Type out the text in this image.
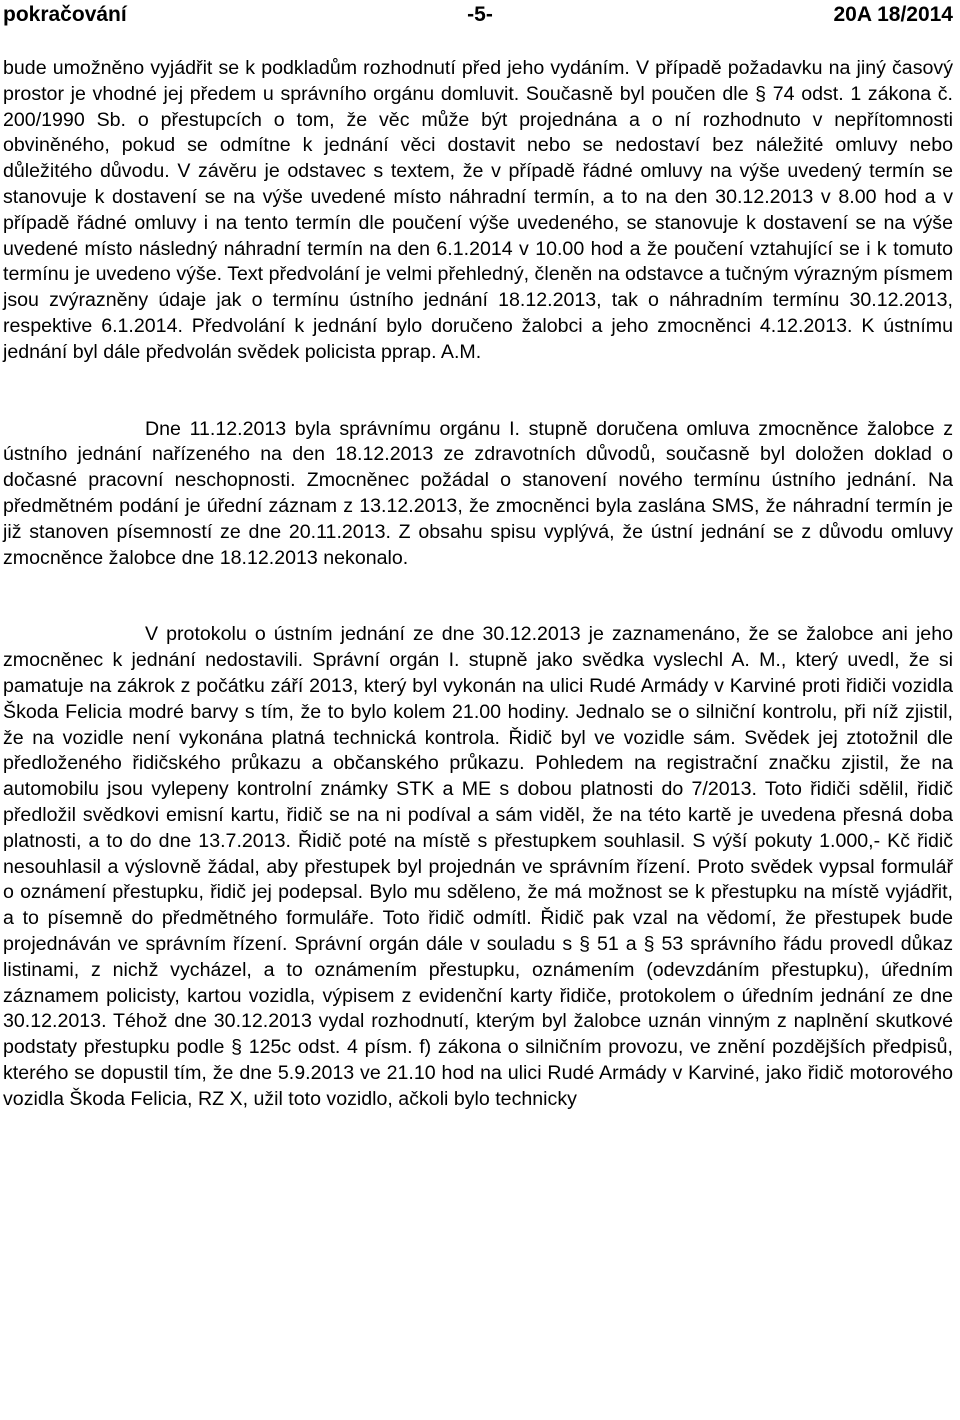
pokračování	-5-	20A 18/2014

bude umožněno vyjádřit se k podkladům rozhodnutí před jeho vydáním. V případě požadavku na jiný časový prostor je vhodné jej předem u správního orgánu domluvit. Současně byl poučen dle § 74 odst. 1 zákona č. 200/1990 Sb. o přestupcích o tom, že věc může být projednána a o ní rozhodnuto v nepřítomnosti obviněného, pokud se odmítne k jednání věci dostavit nebo se nedostaví bez náležité omluvy nebo důležitého důvodu. V závěru je odstavec s textem, že v případě řádné omluvy na výše uvedený termín se stanovuje k dostavení se na výše uvedené místo náhradní termín, a to na den 30.12.2013 v 8.00 hod a v případě řádné omluvy i na tento termín dle poučení výše uvedeného, se stanovuje k dostavení se na výše uvedené místo následný náhradní termín na den 6.1.2014 v 10.00 hod a že poučení vztahující se i k tomuto termínu je uvedeno výše. Text předvolání je velmi přehledný, členěn na odstavce a tučným výrazným písmem jsou zvýrazněny údaje jak o termínu ústního jednání 18.12.2013, tak o náhradním termínu 30.12.2013, respektive 6.1.2014. Předvolání k jednání bylo doručeno žalobci a jeho zmocněnci 4.12.2013. K ústnímu jednání byl dále předvolán svědek policista pprap. A.M.

Dne 11.12.2013 byla správnímu orgánu I. stupně doručena omluva zmocněnce žalobce z ústního jednání nařízeného na den 18.12.2013 ze zdravotních důvodů, současně byl doložen doklad o dočasné pracovní neschopnosti. Zmocněnec požádal o stanovení nového termínu ústního jednání. Na předmětném podání je úřední záznam z 13.12.2013, že zmocněnci byla zaslána SMS, že náhradní termín je již stanoven písemností ze dne 20.11.2013. Z obsahu spisu vyplývá, že ústní jednání se z důvodu omluvy zmocněnce žalobce dne 18.12.2013 nekonalo.

V protokolu o ústním jednání ze dne 30.12.2013 je zaznamenáno, že se žalobce ani jeho zmocněnec k jednání nedostavili. Správní orgán I. stupně jako svědka vyslechl A. M., který uvedl, že si pamatuje na zákrok z počátku září 2013, který byl vykonán na ulici Rudé Armády v Karviné proti řidiči vozidla Škoda Felicia modré barvy s tím, že to bylo kolem 21.00 hodiny. Jednalo se o silniční kontrolu, při níž zjistil, že na vozidle není vykonána platná technická kontrola. Řidič byl ve vozidle sám. Svědek jej ztotožnil dle předloženého řidičského průkazu a občanského průkazu. Pohledem na registrační značku zjistil, že na automobilu jsou vylepeny kontrolní známky STK a ME s dobou platnosti do 7/2013. Toto řidiči sdělil, řidič předložil svědkovi emisní kartu, řidič se na ni podíval a sám viděl, že na této kartě je uvedena přesná doba platnosti, a to do dne 13.7.2013. Řidič poté na místě s přestupkem souhlasil. S výší pokuty 1.000,- Kč řidič nesouhlasil a výslovně žádal, aby přestupek byl projednán ve správním řízení. Proto svědek vypsal formulář o oznámení přestupku, řidič jej podepsal. Bylo mu sděleno, že má možnost se k přestupku na místě vyjádřit, a to písemně do předmětného formuláře. Toto řidič odmítl. Řidič pak vzal na vědomí, že přestupek bude projednáván ve správním řízení. Správní orgán dále v souladu s § 51 a § 53 správního řádu provedl důkaz listinami, z nichž vycházel, a to oznámením přestupku, oznámením (odevzdáním přestupku), úředním záznamem policisty, kartou vozidla, výpisem z evidenční karty řidiče, protokolem o úředním jednání ze dne 30.12.2013. Téhož dne 30.12.2013 vydal rozhodnutí, kterým byl žalobce uznán vinným z naplnění skutkové podstaty přestupku podle § 125c odst. 4 písm. f) zákona o silničním provozu, ve znění pozdějších předpisů, kterého se dopustil tím, že dne 5.9.2013 ve 21.10 hod na ulici Rudé Armády v Karviné, jako řidič motorového vozidla Škoda Felicia, RZ X, užil toto vozidlo, ačkoli bylo technicky
